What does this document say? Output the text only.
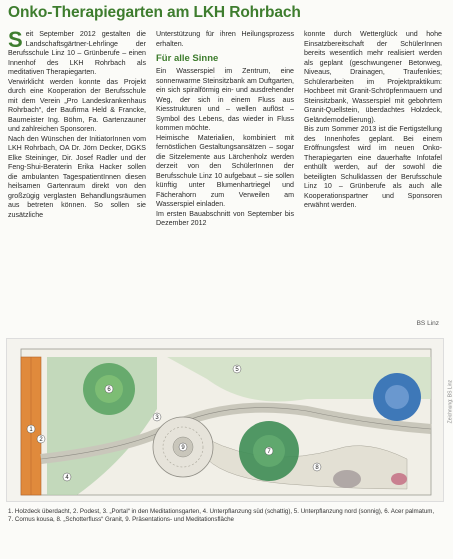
Onko-Therapiegarten am LKH Rohrbach

Seit September 2012 gestalten die Landschaftsgärtner-Lehrlinge der Berufsschule Linz 10 – Grünberufe – einen Innenhof des LKH Rohrbach als meditativen Therapiegarten.

Verwirklicht werden konnte das Projekt durch eine Kooperation der Berufsschule mit dem Verein „Pro Landeskrankenhaus Rohrbach“, der Baufirma Held & Francke, Baumeister Ing. Böhm, Fa. Gartenzauner und zahlreichen Sponsoren.

Nach den Wünschen der InitiatorInnen vom LKH Rohrbach, OA Dr. Jörn Decker, DGKS Elke Steininger, Dir. Josef Radler und der Feng-Shui-Beraterin Erika Hacker sollen die ambulanten TagespatientInnen diesen heilsamen Gartenraum direkt von den großzügig verglasten Behandlungsräumen aus betreten können. So sollen sie zusätzliche

Unterstützung für ihren Heilungsprozess erhalten.

Für alle Sinne

Ein Wasserspiel im Zentrum, eine sonnenwarme Steinsitzbank am Duftgarten, ein sich spiralförmig ein- und ausdrehender Weg, der sich in einem Fluss aus Kiesstrukturen und – wellen auflöst – Symbol des Lebens, das wieder in Fluss kommen möchte.

Heimische Materialien, kombiniert mit fernöstlichen Gestaltungsansätzen – sogar die Sitzelemente aus Lärchenholz werden derzeit von den SchülerInnen der Berufsschule Linz 10 aufgebaut – sie sollen künftig unter Blumenhartriegel und Fächerahorn zum Verweilen am Wasserspiel einladen.

Im ersten Bauabschnitt von September bis Dezember 2012

konnte durch Wetterglück und hohe Einsatzbereitschaft der SchülerInnen bereits wesentlich mehr realisiert werden als geplant (geschwungener Betonweg, Niveaus, Drainagen, Traufenkies; Schülerarbeiten im Projektpraktikum: Hochbeet mit Granit-Schröpfenmauern und Steinsitzbank, Wasserspiel mit gebohrtem Granit-Quellstein, überdachtes Holzdeck, Geländemodellierung).

Bis zum Sommer 2013 ist die Fertigstellung des Innenhofes geplant. Bei einem Eröffnungsfest wird im neuen Onko-Therapiegarten eine dauerhafte Infotafel enthüllt werden, auf der sowohl die beteiligten Schulklassen der Berufsschule Linz 10 – Grünberufe als auch alle Kooperationspartner und Sponsoren erwähnt werden.

BS Linz
1
2
3
4
5
6
7
8
9
Zeichnung: BS Linz
1. Holzdeck überdacht, 2. Podest, 3. „Portal“ in den Meditationsgarten, 4. Unterpflanzung süd (schattig), 5. Unterpflanzung nord (sonnig), 6. Acer palmatum, 7. Cornus kousa, 8. „Schotterfluss“ Granit, 9. Präsentations- und Meditationsfläche
